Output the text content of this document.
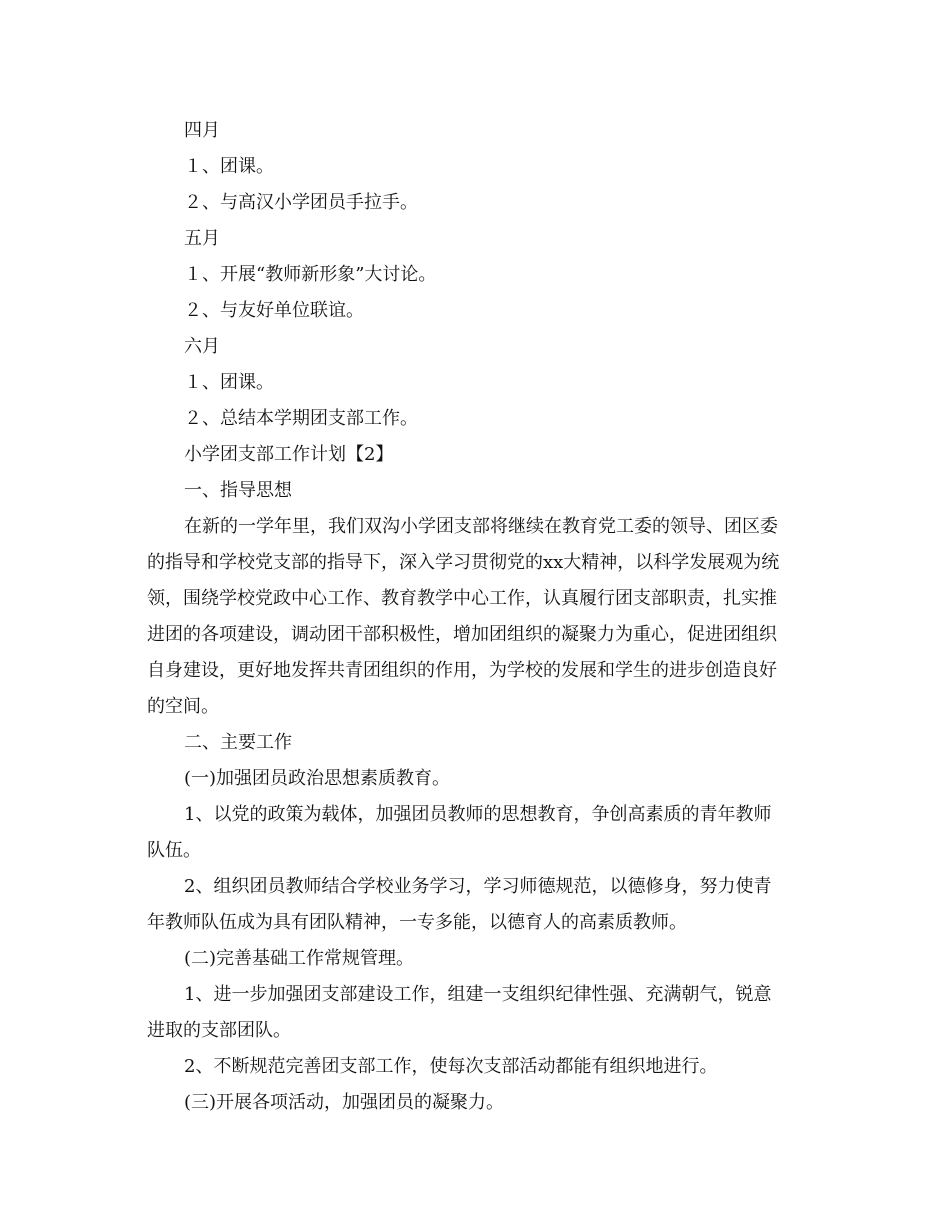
四月
１、团课。
２、与高汉小学团员手拉手。
五月
１、开展“教师新形象”大讨论。
２、与友好单位联谊。
六月
１、团课。
２、总结本学期团支部工作。
小学团支部工作计划【2】
一、指导思想
在新的一学年里，我们双沟小学团支部将继续在教育党工委的领导、团区委
的指导和学校党支部的指导下，深入学习贯彻党的xx大精神，以科学发展观为统
领，围绕学校党政中心工作、教育教学中心工作，认真履行团支部职责，扎实推
进团的各项建设，调动团干部积极性，增加团组织的凝聚力为重心，促进团组织
自身建设，更好地发挥共青团组织的作用，为学校的发展和学生的进步创造良好
的空间。
二、主要工作
(一)加强团员政治思想素质教育。
1、以党的政策为载体，加强团员教师的思想教育，争创高素质的青年教师
队伍。
2、组织团员教师结合学校业务学习，学习师德规范，以德修身，努力使青
年教师队伍成为具有团队精神，一专多能，以德育人的高素质教师。
(二)完善基础工作常规管理。
1、进一步加强团支部建设工作，组建一支组织纪律性强、充满朝气，锐意
进取的支部团队。
2、不断规范完善团支部工作，使每次支部活动都能有组织地进行。
(三)开展各项活动，加强团员的凝聚力。
